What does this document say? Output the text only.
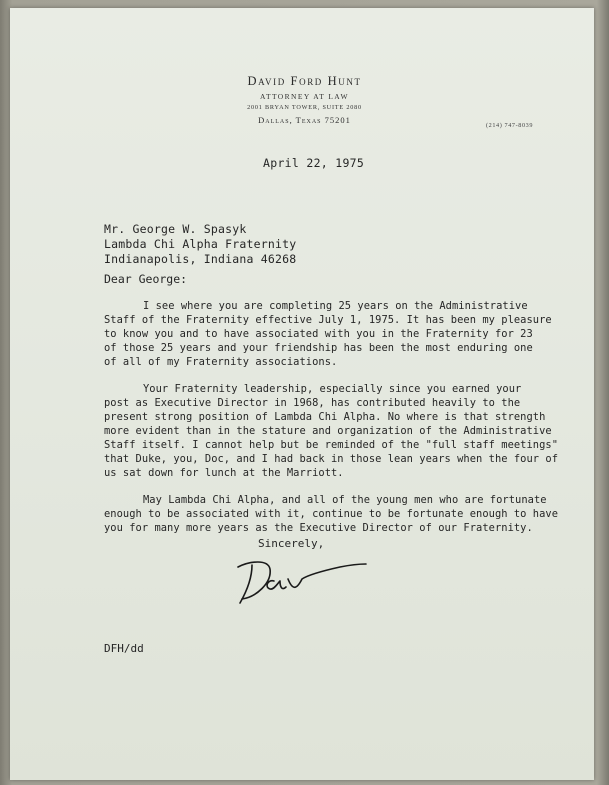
David Ford Hunt
ATTORNEY AT LAW
2001 BRYAN TOWER, SUITE 2080
Dallas, Texas 75201
(214) 747-8039
April 22, 1975
Mr. George W. Spasyk
Lambda Chi Alpha Fraternity
Indianapolis, Indiana 46268
Dear George:
I see where you are completing 25 years on the Administrative
Staff of the Fraternity effective July 1, 1975. It has been my pleasure
to know you and to have associated with you in the Fraternity for 23
of those 25 years and your friendship has been the most enduring one
of all of my Fraternity associations.
Your Fraternity leadership, especially since you earned your
post as Executive Director in 1968, has contributed heavily to the
present strong position of Lambda Chi Alpha. No where is that strength
more evident than in the stature and organization of the Administrative
Staff itself. I cannot help but be reminded of the "full staff meetings"
that Duke, you, Doc, and I had back in those lean years when the four of
us sat down for lunch at the Marriott.
May Lambda Chi Alpha, and all of the young men who are fortunate
enough to be associated with it, continue to be fortunate enough to have
you for many more years as the Executive Director of our Fraternity.
Sincerely,
DFH/dd
